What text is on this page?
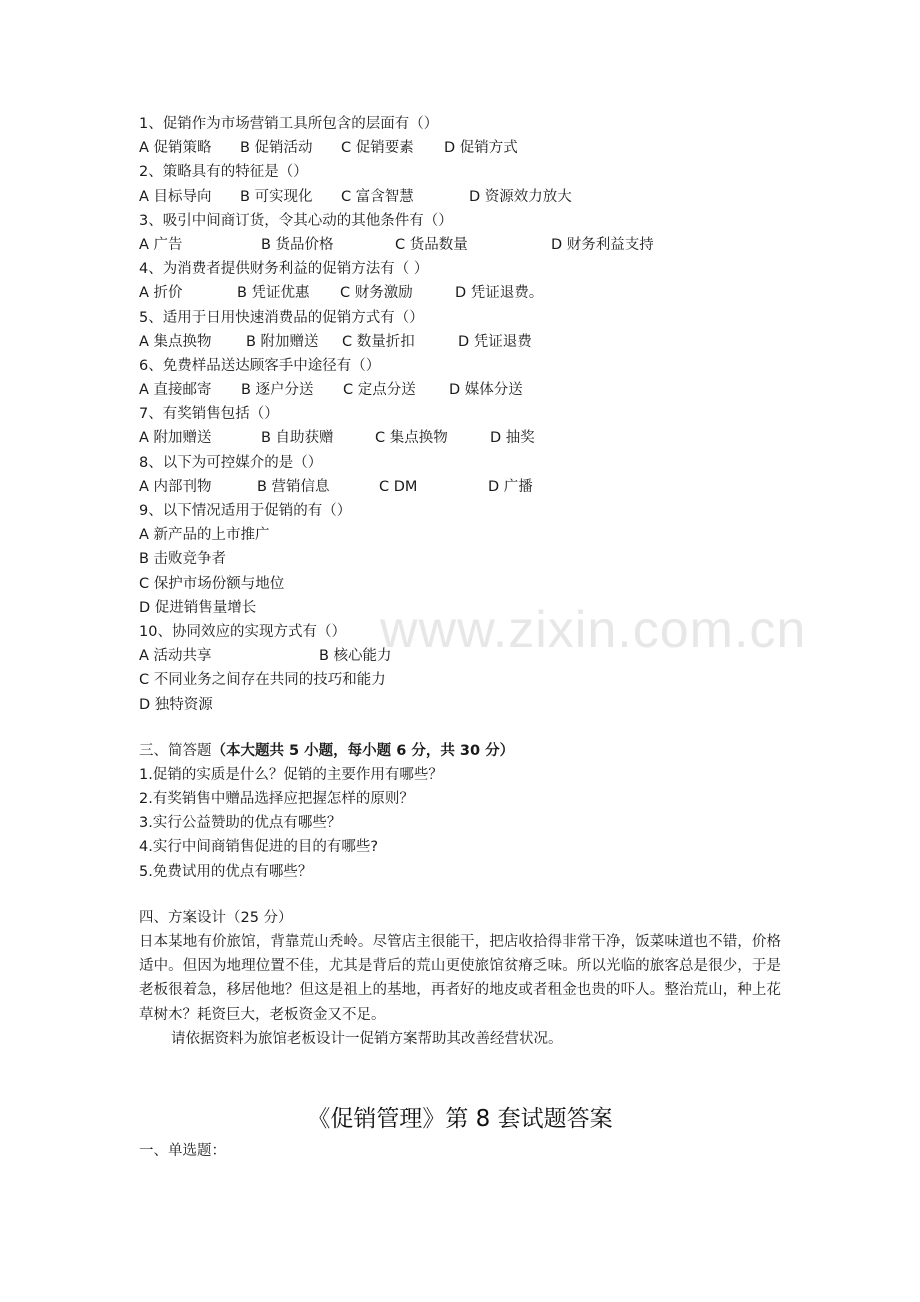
www.zixin.com.cn
1、促销作为市场营销工具所包含的层面有（）
A 促销策略	B 促销活动	C 促销要素	D 促销方式
2、策略具有的特征是（）
A 目标导向	B 可实现化	C 富含智慧	D 资源效力放大
3、吸引中间商订货，令其心动的其他条件有（）
A 广告	B 货品价格	C 货品数量	D 财务利益支持
4、为消费者提供财务利益的促销方法有（ ）
A 折价	B 凭证优惠	C 财务激励	D 凭证退费。
5、适用于日用快速消费品的促销方式有（）
A 集点换物	B 附加赠送	C 数量折扣	D 凭证退费
6、免费样品送达顾客手中途径有（）
A 直接邮寄	B 逐户分送	C 定点分送	D 媒体分送
7、有奖销售包括（）
A 附加赠送	B 自助获赠	C 集点换物	D 抽奖
8、以下为可控媒介的是（）
A 内部刊物	B 营销信息	C DM	D 广播
9、以下情况适用于促销的有（）
A 新产品的上市推广
B 击败竞争者
C 保护市场份额与地位
D 促进销售量增长
10、协同效应的实现方式有（）
A 活动共享	B 核心能力
C 不同业务之间存在共同的技巧和能力
D 独特资源
三、简答题（本大题共 5 小题，每小题 6 分，共 30 分）
1.促销的实质是什么？促销的主要作用有哪些？
2.有奖销售中赠品选择应把握怎样的原则？
3.实行公益赞助的优点有哪些？
4.实行中间商销售促进的目的有哪些?
5.免费试用的优点有哪些？
四、方案设计（25 分）
日本某地有价旅馆，背靠荒山秃岭。尽管店主很能干，把店收拾得非常干净，饭菜味道也不错，价格适中。但因为地理位置不佳，尤其是背后的荒山更使旅馆贫瘠乏味。所以光临的旅客总是很少，于是老板很着急，移居他地？但这是祖上的基地，再者好的地皮或者租金也贵的吓人。整治荒山，种上花草树木？耗资巨大，老板资金又不足。
请依据资料为旅馆老板设计一促销方案帮助其改善经营状况。
《促销管理》第 8 套试题答案
一、单选题：
